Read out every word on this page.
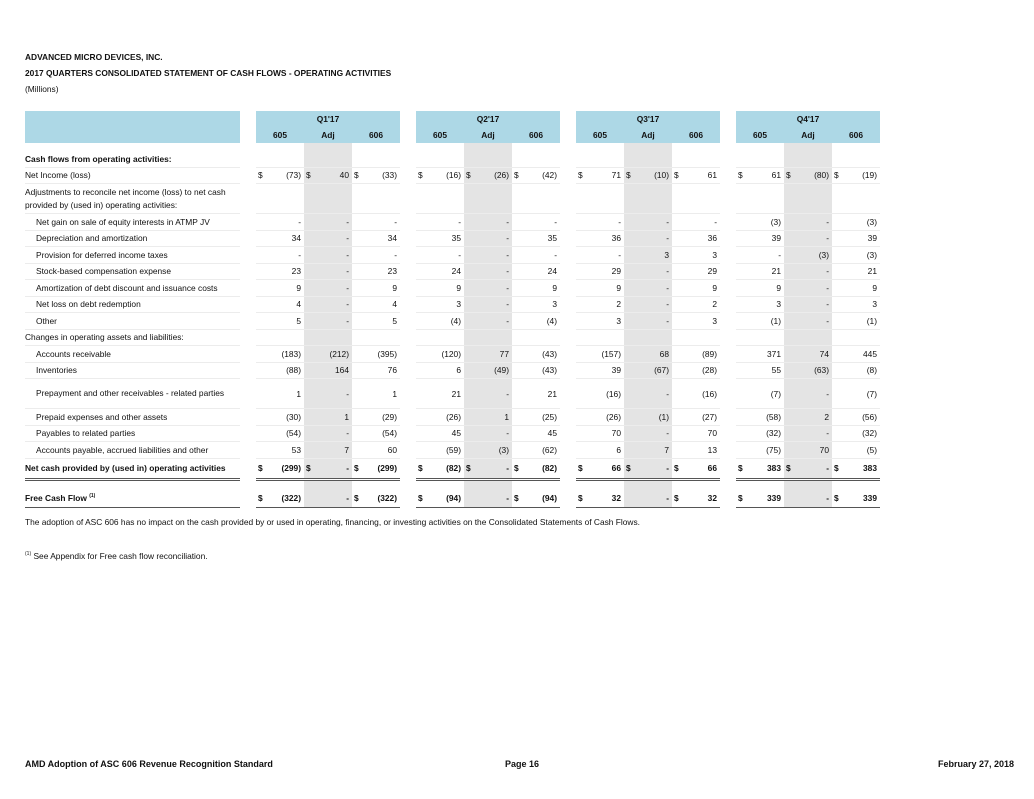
ADVANCED MICRO DEVICES, INC.
2017 QUARTERS CONSOLIDATED STATEMENT OF CASH FLOWS - OPERATING ACTIVITIES
(Millions)
		Q1'17				Q2'17				Q3'17				Q4'17		
		605	Adj	606		605	Adj	606		605	Adj	606		605	Adj	606

Cash flows from operating activities:																
Net Income (loss)		$ (73)	$ 40	$ (33)		$ (16)	$ (26)	$ (42)		$ 71	$ (10)	$ 61		$ 61	$ (80)	$ (19)

Adjustments to reconcile net income (loss) to net cash provided by (used in) operating activities:																
Net gain on sale of equity interests in ATMP JV		-	-	-		-	-	-		-	-	-		(3)	-	(3)

Depreciation and amortization		34	-	34		35	-	35		36	-	36		39	-	39

Provision for deferred income taxes		-	-	-		-	-	-		-	3	3		-	(3)	(3)

Stock-based compensation expense		23	-	23		24	-	24		29	-	29		21	-	21

Amortization of debt discount and issuance costs		9	-	9		9	-	9		9	-	9		9	-	9

Net loss on debt redemption		4	-	4		3	-	3		2	-	2		3	-	3

Other		5	-	5		(4)	-	(4)		3	-	3		(1)	-	(1)

Changes in operating assets and liabilities:																
Accounts receivable		(183)	(212)	(395)		(120)	77	(43)		(157)	68	(89)		371	74	445

Inventories		(88)	164	76		6	(49)	(43)		39	(67)	(28)		55	(63)	(8)

Prepayment and other receivables - related parties		1	-	1		21	-	21		(16)	-	(16)		(7)	-	(7)

Prepaid expenses and other assets		(30)	1	(29)		(26)	1	(25)		(26)	(1)	(27)		(58)	2	(56)

Payables to related parties		(54)	-	(54)		45	-	45		70	-	70		(32)	-	(32)

Accounts payable, accrued liabilities and other		53	7	60		(59)	(3)	(62)		6	7	13		(75)	70	(5)

Net cash provided by (used in) operating activities		$ (299)	$ -	$ (299)		$ (82)	$ -	$ (82)		$ 66	$ -	$ 66		$ 383	$ -	$ 383

Free Cash Flow $^{(1)}$		$ (322)	-	$ (322)		$ (94)	-	$ (94)		$ 32	-	$ 32		$ 339	-	$ 339
The adoption of ASC 606 has no impact on the cash provided by or used in operating, financing, or investing activities on the Consolidated Statements of Cash Flows.
$^{(1)}$ See Appendix for Free cash flow reconciliation.
AMD Adoption of ASC 606 Revenue Recognition Standard	Page 16	February 27, 2018
